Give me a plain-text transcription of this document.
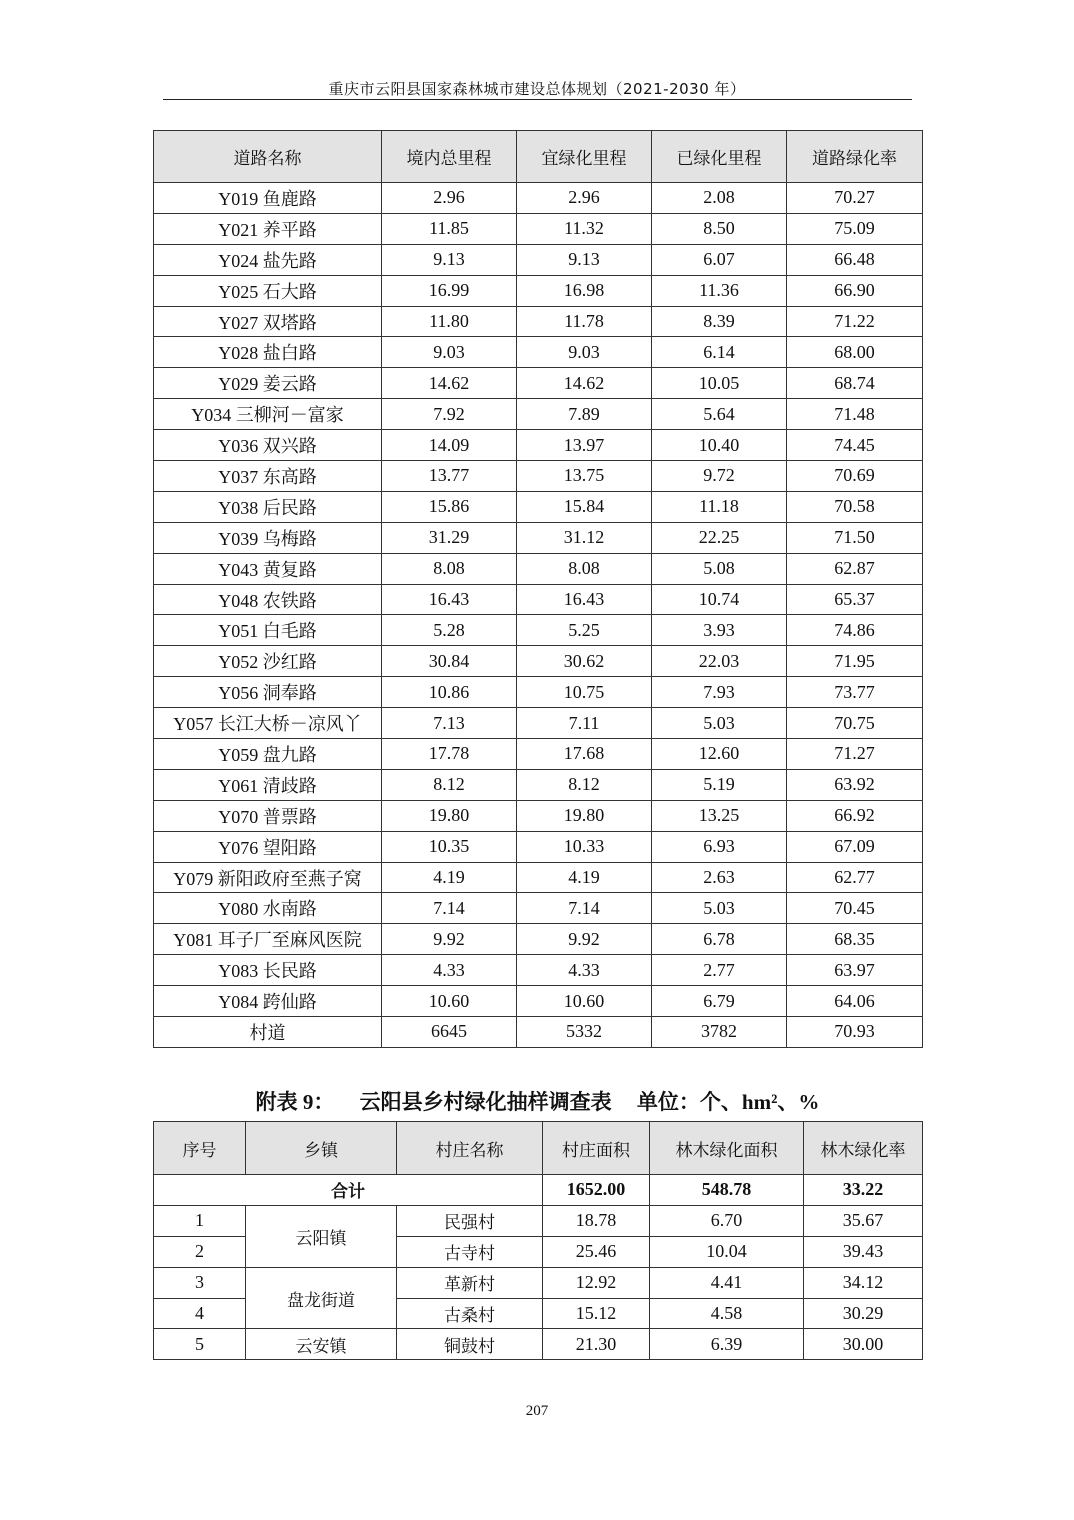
重庆市云阳县国家森林城市建设总体规划（2021-2030 年）
道路名称	境内总里程	宜绿化里程	已绿化里程	道路绿化率
Y019 鱼鹿路	2.96	2.96	2.08	70.27
Y021 养平路	11.85	11.32	8.50	75.09
Y024 盐先路	9.13	9.13	6.07	66.48
Y025 石大路	16.99	16.98	11.36	66.90
Y027 双塔路	11.80	11.78	8.39	71.22
Y028 盐白路	9.03	9.03	6.14	68.00
Y029 姜云路	14.62	14.62	10.05	68.74
Y034 三柳河－富家	7.92	7.89	5.64	71.48
Y036 双兴路	14.09	13.97	10.40	74.45
Y037 东高路	13.77	13.75	9.72	70.69
Y038 后民路	15.86	15.84	11.18	70.58
Y039 乌梅路	31.29	31.12	22.25	71.50
Y043 黄复路	8.08	8.08	5.08	62.87
Y048 农铁路	16.43	16.43	10.74	65.37
Y051 白毛路	5.28	5.25	3.93	74.86
Y052 沙红路	30.84	30.62	22.03	71.95
Y056 洞奉路	10.86	10.75	7.93	73.77
Y057 长江大桥－凉风丫	7.13	7.11	5.03	70.75
Y059 盘九路	17.78	17.68	12.60	71.27
Y061 清歧路	8.12	8.12	5.19	63.92
Y070 普票路	19.80	19.80	13.25	66.92
Y076 望阳路	10.35	10.33	6.93	67.09
Y079 新阳政府至燕子窝	4.19	4.19	2.63	62.77
Y080 水南路	7.14	7.14	5.03	70.45
Y081 耳子厂至麻风医院	9.92	9.92	6.78	68.35
Y083 长民路	4.33	4.33	2.77	63.97
Y084 跨仙路	10.60	10.60	6.79	64.06
村道	6645	5332	3782	70.93
附表 9： 云阳县乡村绿化抽样调查表 单位：个、hm²、%
序号	乡镇	村庄名称	村庄面积	林木绿化面积	林木绿化率
合计			1652.00	548.78	33.22
1	云阳镇	民强村	18.78	6.70	35.67
2		古寺村	25.46	10.04	39.43
3	盘龙街道	革新村	12.92	4.41	34.12
4		古桑村	15.12	4.58	30.29
5	云安镇	铜鼓村	21.30	6.39	30.00
207
